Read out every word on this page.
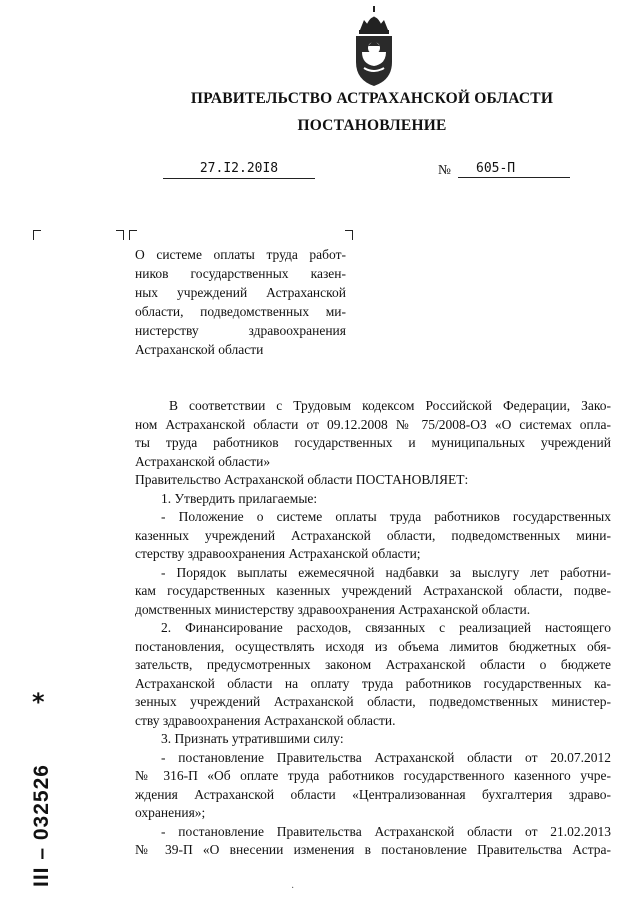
ПРАВИТЕЛЬСТВО АСТРАХАНСКОЙ ОБЛАСТИ
ПОСТАНОВЛЕНИЕ
27.I2.20I8	№	605-П
О системе оплаты труда работ-
ников государственных казен-
ных учреждений Астраханской
области, подведомственных ми-
нистерству здравоохранения
Астраханской области
В соответствии с Трудовым кодексом Российской Федерации, Зако-
ном Астраханской области от 09.12.2008 № 75/2008-ОЗ «О системах опла-
ты труда работников государственных и муниципальных учреждений
Астраханской области»
Правительство Астраханской области ПОСТАНОВЛЯЕТ:
1. Утвердить прилагаемые:
- Положение о системе оплаты труда работников государственных
казенных учреждений Астраханской области, подведомственных мини-
стерству здравоохранения Астраханской области;
- Порядок выплаты ежемесячной надбавки за выслугу лет работни-
кам государственных казенных учреждений Астраханской области, подве-
домственных министерству здравоохранения Астраханской области.
2. Финансирование расходов, связанных с реализацией настоящего
постановления, осуществлять исходя из объема лимитов бюджетных обя-
зательств, предусмотренных законом Астраханской области о бюджете
Астраханской области на оплату труда работников государственных ка-
зенных учреждений Астраханской области, подведомственных министер-
ству здравоохранения Астраханской области.
3. Признать утратившими силу:
- постановление Правительства Астраханской области от 20.07.2012
№ 316-П «Об оплате труда работников государственного казенного учре-
ждения Астраханской области «Централизованная бухгалтерия здраво-
охранения»;
- постановление Правительства Астраханской области от 21.02.2013
№ 39-П «О внесении изменения в постановление Правительства Астра-
*
III – 032526
·
